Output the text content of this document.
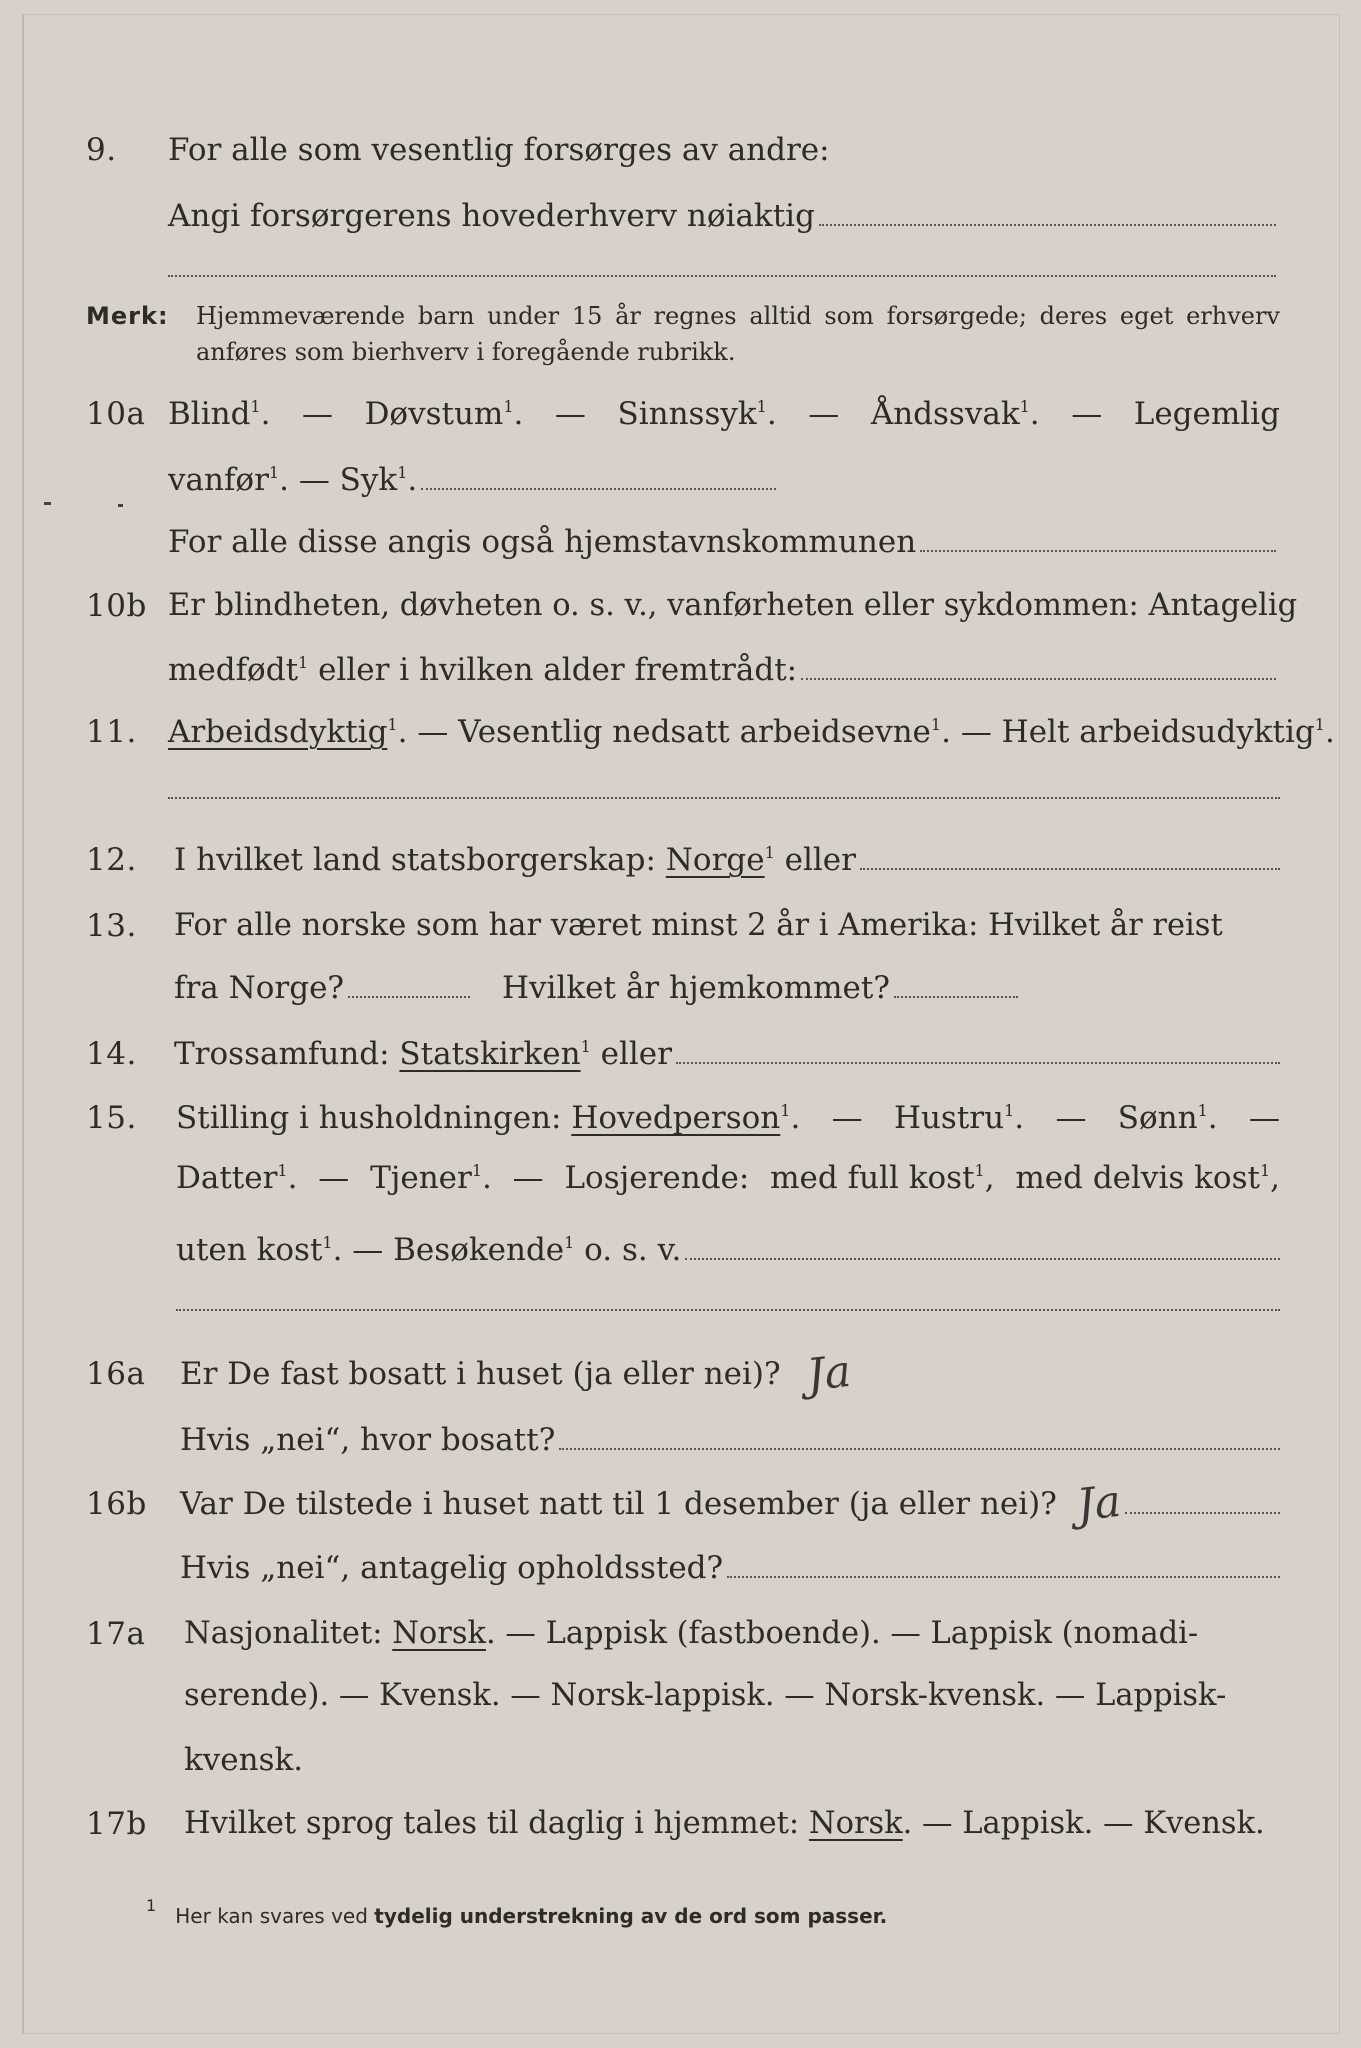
9.	For alle som vesentlig forsørges av andre:
Angi forsørgerens hovederhverv nøiaktig
Merk: Hjemmeværende barn under 15 år regnes alltid som forsørgede; deres eget erhverv anføres som bierhverv i foregående rubrikk.
10a Blind$^1$. — Døvstum$^1$. — Sinnssyk$^1$. — Åndssvak$^1$. — Legemlig
vanfør$^1$. — Syk$^1$.
For alle disse angis også hjemstavnskommunen
10b Er blindheten, døvheten o. s. v., vanførheten eller sykdommen: Antagelig
medfødt$^1$ eller i hvilken alder fremtrådt:
11.	Arbeidsdyktig$^1$. — Vesentlig nedsatt arbeidsevne$^1$. — Helt arbeidsudyktig$^1$.
12.	I hvilket land statsborgerskap: Norge$^1$ eller
13.	For alle norske som har været minst 2 år i Amerika: Hvilket år reist
fra Norge?	Hvilket år hjemkommet?
14.	Trossamfund: Statskirken$^1$ eller
15.	Stilling i husholdningen: Hovedperson$^1$. — Hustru$^1$. — Sønn$^1$. —
Datter$^1$. — Tjener$^1$. — Losjerende: med full kost$^1$, med delvis kost$^1$,
uten kost$^1$. — Besøkende$^1$ o. s. v.
16a	Er De fast bosatt i huset (ja eller nei)? Ja
Hvis „nei“, hvor bosatt?
16b	Var De tilstede i huset natt til 1 desember (ja eller nei)? Ja
Hvis „nei“, antagelig opholdssted?
17a	Nasjonalitet: Norsk. — Lappisk (fastboende). — Lappisk (nomadi-
serende). — Kvensk. — Norsk-lappisk. — Norsk-kvensk. — Lappisk-
kvensk.
17b	Hvilket sprog tales til daglig i hjemmet: Norsk. — Lappisk. — Kvensk.
$^1$ Her kan svares ved tydelig understrekning av de ord som passer.
